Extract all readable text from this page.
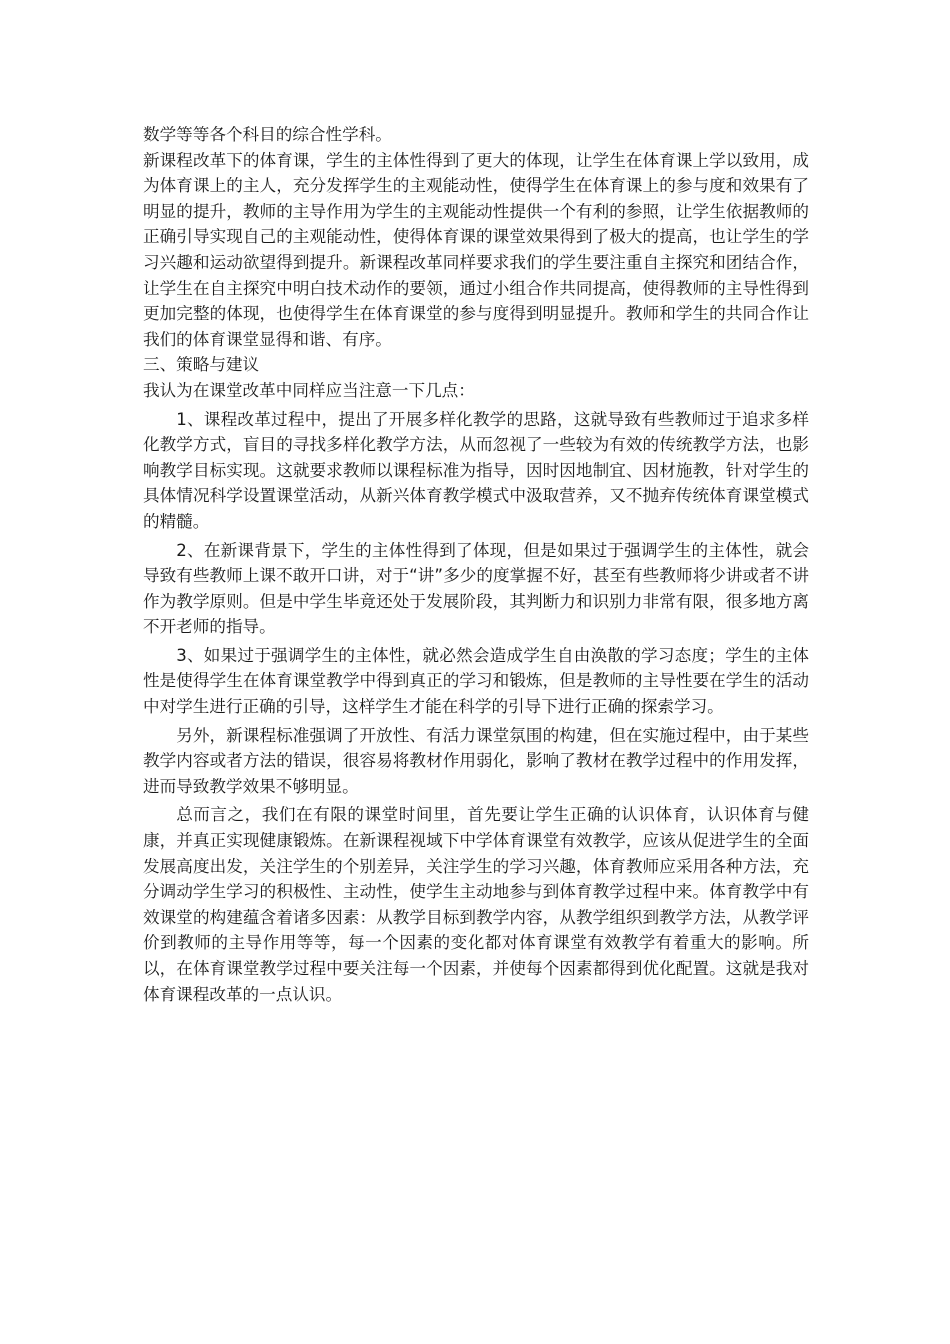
数学等等各个科目的综合性学科。

新课程改革下的体育课，学生的主体性得到了更大的体现，让学生在体育课上学以致用，成为体育课上的主人，充分发挥学生的主观能动性，使得学生在体育课上的参与度和效果有了明显的提升，教师的主导作用为学生的主观能动性提供一个有利的参照，让学生依据教师的正确引导实现自己的主观能动性，使得体育课的课堂效果得到了极大的提高，也让学生的学习兴趣和运动欲望得到提升。新课程改革同样要求我们的学生要注重自主探究和团结合作，让学生在自主探究中明白技术动作的要领，通过小组合作共同提高，使得教师的主导性得到更加完整的体现，也使得学生在体育课堂的参与度得到明显提升。教师和学生的共同合作让我们的体育课堂显得和谐、有序。

三、策略与建议

我认为在课堂改革中同样应当注意一下几点：

1、课程改革过程中，提出了开展多样化教学的思路，这就导致有些教师过于追求多样化教学方式，盲目的寻找多样化教学方法，从而忽视了一些较为有效的传统教学方法，也影响教学目标实现。这就要求教师以课程标准为指导，因时因地制宜、因材施教，针对学生的具体情况科学设置课堂活动，从新兴体育教学模式中汲取营养，又不抛弃传统体育课堂模式的精髓。

2、在新课背景下，学生的主体性得到了体现，但是如果过于强调学生的主体性，就会导致有些教师上课不敢开口讲，对于“讲”多少的度掌握不好，甚至有些教师将少讲或者不讲作为教学原则。但是中学生毕竟还处于发展阶段，其判断力和识别力非常有限，很多地方离不开老师的指导。

3、如果过于强调学生的主体性，就必然会造成学生自由涣散的学习态度；学生的主体性是使得学生在体育课堂教学中得到真正的学习和锻炼，但是教师的主导性要在学生的活动中对学生进行正确的引导，这样学生才能在科学的引导下进行正确的探索学习。

另外，新课程标准强调了开放性、有活力课堂氛围的构建，但在实施过程中，由于某些教学内容或者方法的错误，很容易将教材作用弱化，影响了教材在教学过程中的作用发挥，进而导致教学效果不够明显。

总而言之，我们在有限的课堂时间里，首先要让学生正确的认识体育，认识体育与健康，并真正实现健康锻炼。在新课程视域下中学体育课堂有效教学，应该从促进学生的全面发展高度出发，关注学生的个别差异，关注学生的学习兴趣，体育教师应采用各种方法，充分调动学生学习的积极性、主动性，使学生主动地参与到体育教学过程中来。体育教学中有效课堂的构建蕴含着诸多因素：从教学目标到教学内容，从教学组织到教学方法，从教学评价到教师的主导作用等等，每一个因素的变化都对体育课堂有效教学有着重大的影响。所以，在体育课堂教学过程中要关注每一个因素，并使每个因素都得到优化配置。这就是我对体育课程改革的一点认识。
